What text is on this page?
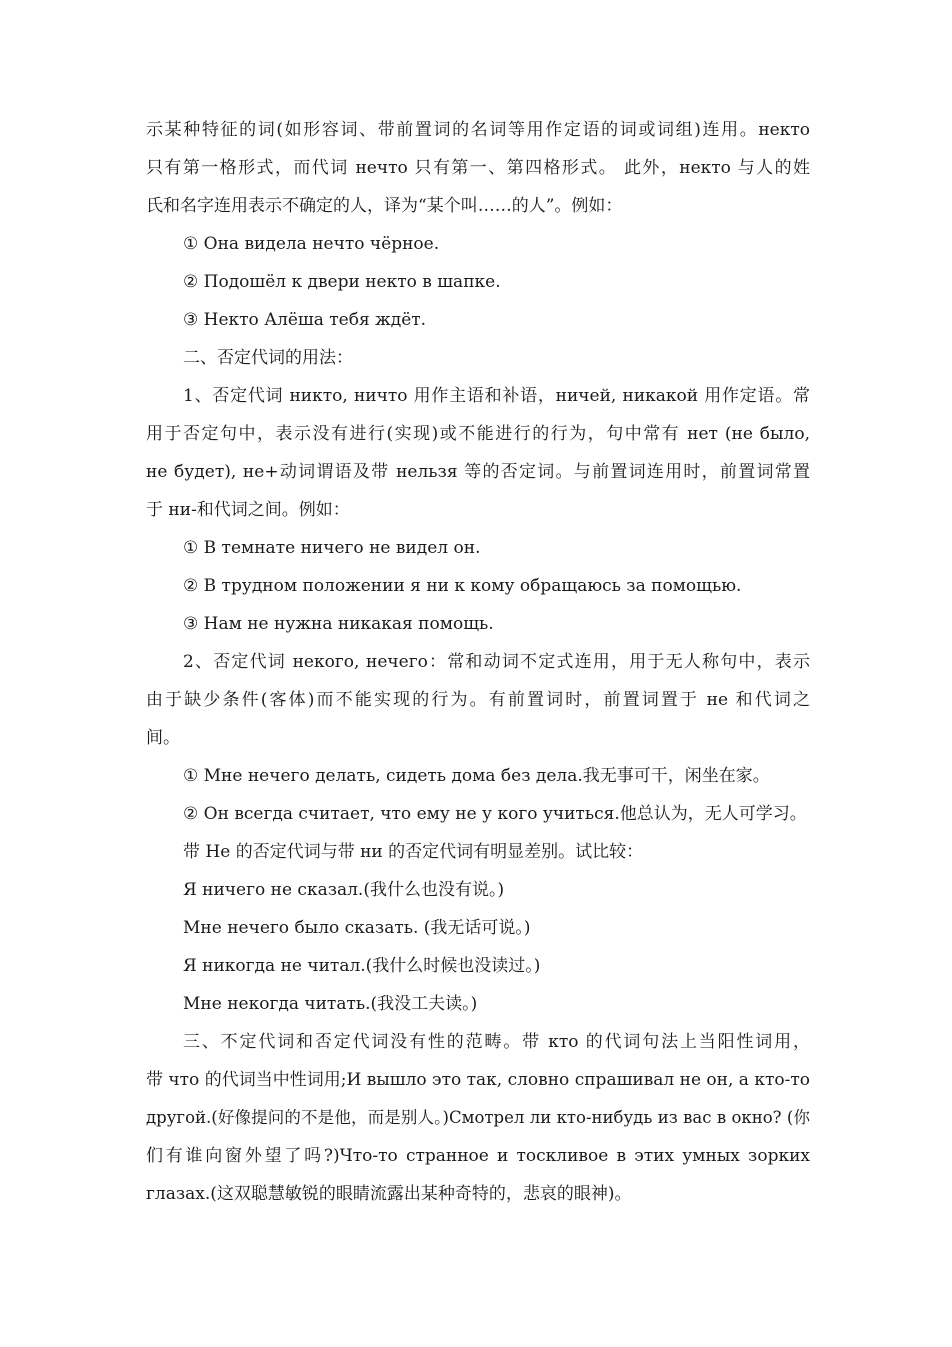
示某种特征的词(如形容词、带前置词的名词等用作定语的词或词组)连用。некто

只有第一格形式，而代词 нечто 只有第一、第四格形式。 此外，некто 与人的姓

氏和名字连用表示不确定的人，译为“某个叫……的人”。例如：

① Она видела нечто чёрное.

② Подошёл к двери некто в шапке.

③ Некто Алёша тебя ждёт.

二、否定代词的用法：

1、否定代词 никто, ничто 用作主语和补语，ничей, никакой 用作定语。常

用于否定句中，表示没有进行(实现)或不能进行的行为，句中常有 нет (не было,

не будет), не+动词谓语及带 нельзя 等的否定词。与前置词连用时，前置词常置

于 ни-和代词之间。例如：

① В темнате ничего не видел он.

② В трудном положении я ни к кому обращаюсь за помощью.

③ Нам не нужна никакая помощь.

2、否定代词 некого, нечего：常和动词不定式连用，用于无人称句中，表示

由于缺少条件(客体)而不能实现的行为。有前置词时，前置词置于 не 和代词之

间。

① Мне нечего делать, сидеть дома без дела.我无事可干，闲坐在家。

② Он всегда считает, что ему не у кого учиться.他总认为，无人可学习。

带 Не 的否定代词与带 ни 的否定代词有明显差别。试比较：

Я ничего не сказал.(我什么也没有说。)

Мне нечего было сказать. (我无话可说。)

Я никогда не читал.(我什么时候也没读过。)

Мне некогда читать.(我没工夫读。)

三、不定代词和否定代词没有性的范畴。带 кто 的代词句法上当阳性词用，

带 что 的代词当中性词用;И вышло это так, словно спрашивал не он, а кто-то

другой.(好像提问的不是他，而是别人。)Смотрел ли кто-нибудь из вас в окно? (你

们有谁向窗外望了吗?)Что-то странное и тоскливое в этих умных зорких

глазах.(这双聪慧敏锐的眼睛流露出某种奇特的，悲哀的眼神)。
